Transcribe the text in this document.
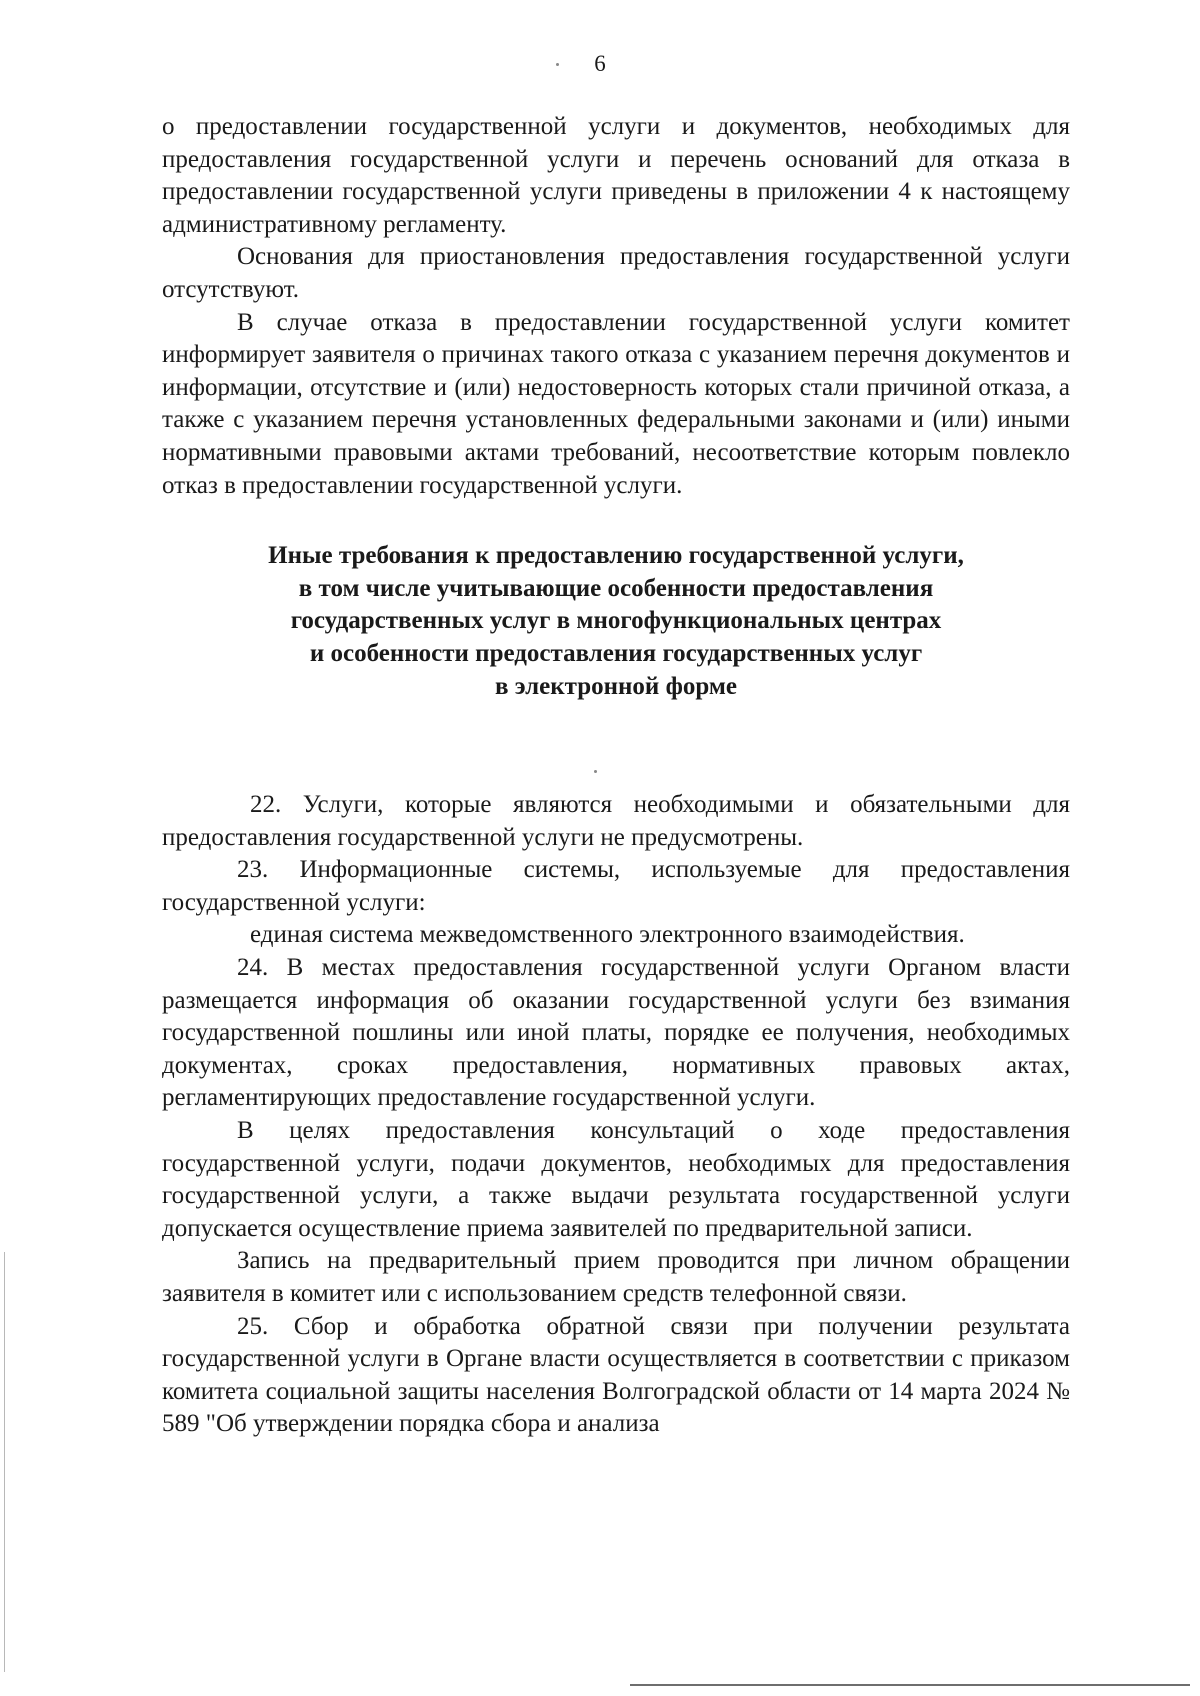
6

о предоставлении государственной услуги и документов, необходимых для предоставления государственной услуги и перечень оснований для отказа в предоставлении государственной услуги приведены в приложении 4 к настоящему административному регламенту.

Основания для приостановления предоставления государственной услуги отсутствуют.

В случае отказа в предоставлении государственной услуги комитет информирует заявителя о причинах такого отказа с указанием перечня документов и информации, отсутствие и (или) недостоверность которых стали причиной отказа, а также с указанием перечня установленных федеральными законами и (или) иными нормативными правовыми актами требований, несоответствие которым повлекло отказ в предоставлении государственной услуги.

Иные требования к предоставлению государственной услуги,
в том числе учитывающие особенности предоставления
государственных услуг в многофункциональных центрах
и особенности предоставления государственных услуг
в электронной форме

22. Услуги, которые являются необходимыми и обязательными для предоставления государственной услуги не предусмотрены.

23. Информационные системы, используемые для предоставления государственной услуги:

единая система межведомственного электронного взаимодействия.

24. В местах предоставления государственной услуги Органом власти размещается информация об оказании государственной услуги без взимания государственной пошлины или иной платы, порядке ее получения, необходимых документах, сроках предоставления, нормативных правовых актах, регламентирующих предоставление государственной услуги.

В целях предоставления консультаций о ходе предоставления государственной услуги, подачи документов, необходимых для предоставления государственной услуги, а также выдачи результата государственной услуги допускается осуществление приема заявителей по предварительной записи.

Запись на предварительный прием проводится при личном обращении заявителя в комитет или с использованием средств телефонной связи.

25. Сбор и обработка обратной связи при получении результата государственной услуги в Органе власти осуществляется в соответствии с приказом комитета социальной защиты населения Волгоградской области от 14 марта 2024 № 589 "Об утверждении порядка сбора и анализа
